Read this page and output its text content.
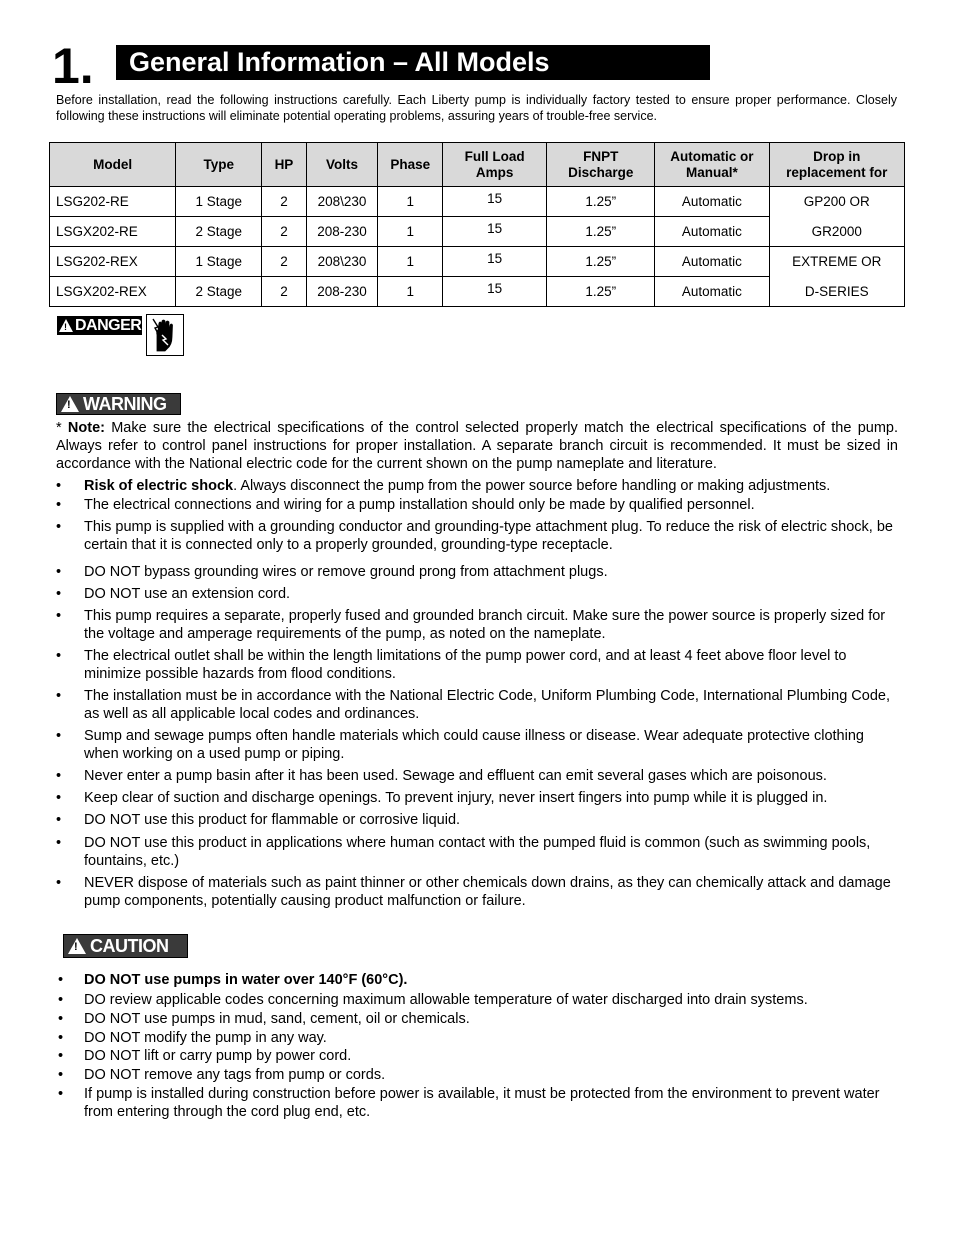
1.	General Information – All Models
Before installation, read the following instructions carefully. Each Liberty pump is individually factory tested to ensure proper performance. Closely following these instructions will eliminate potential operating problems, assuring years of trouble-free service.
Model	Type	HP	Volts	Phase	Full Load Amps	FNPT Discharge	Automatic or Manual*	Drop in replacement for
LSG202-RE	1 Stage	2	208\230	1	15	1.25”	Automatic	GP200 OR
LSGX202-RE	2 Stage	2	208-230	1	15	1.25”	Automatic	GR2000
LSG202-REX	1 Stage	2	208\230	1	15	1.25”	Automatic	EXTREME OR
LSGX202-REX	2 Stage	2	208-230	1	15	1.25”	Automatic	D-SERIES
! DANGER
! WARNING
* Note: Make sure the electrical specifications of the control selected properly match the electrical specifications of the pump. Always refer to control panel instructions for proper installation. A separate branch circuit is recommended. It must be sized in accordance with the National electric code for the current shown on the pump nameplate and literature.
•	Risk of electric shock. Always disconnect the pump from the power source before handling or making adjustments.
•	The electrical connections and wiring for a pump installation should only be made by qualified personnel.
•	This pump is supplied with a grounding conductor and grounding-type attachment plug. To reduce the risk of electric shock, be certain that it is connected only to a properly grounded, grounding-type receptacle.
•	DO NOT bypass grounding wires or remove ground prong from attachment plugs.
•	DO NOT use an extension cord.
•	This pump requires a separate, properly fused and grounded branch circuit. Make sure the power source is properly sized for the voltage and amperage requirements of the pump, as noted on the nameplate.
•	The electrical outlet shall be within the length limitations of the pump power cord, and at least 4 feet above floor level to minimize possible hazards from flood conditions.
•	The installation must be in accordance with the National Electric Code, Uniform Plumbing Code, International Plumbing Code, as well as all applicable local codes and ordinances.
•	Sump and sewage pumps often handle materials which could cause illness or disease. Wear adequate protective clothing when working on a used pump or piping.
•	Never enter a pump basin after it has been used. Sewage and effluent can emit several gases which are poisonous.
•	Keep clear of suction and discharge openings. To prevent injury, never insert fingers into pump while it is plugged in.
•	DO NOT use this product for flammable or corrosive liquid.
•	DO NOT use this product in applications where human contact with the pumped fluid is common (such as swimming pools, fountains, etc.)
•	NEVER dispose of materials such as paint thinner or other chemicals down drains, as they can chemically attack and damage pump components, potentially causing product malfunction or failure.
! CAUTION
•	DO NOT use pumps in water over 140°F (60°C).
•	DO review applicable codes concerning maximum allowable temperature of water discharged into drain systems.
•	DO NOT use pumps in mud, sand, cement, oil or chemicals.
•	DO NOT modify the pump in any way.
•	DO NOT lift or carry pump by power cord.
•	DO NOT remove any tags from pump or cords.
•	If pump is installed during construction before power is available, it must be protected from the environment to prevent water from entering through the cord plug end, etc.
